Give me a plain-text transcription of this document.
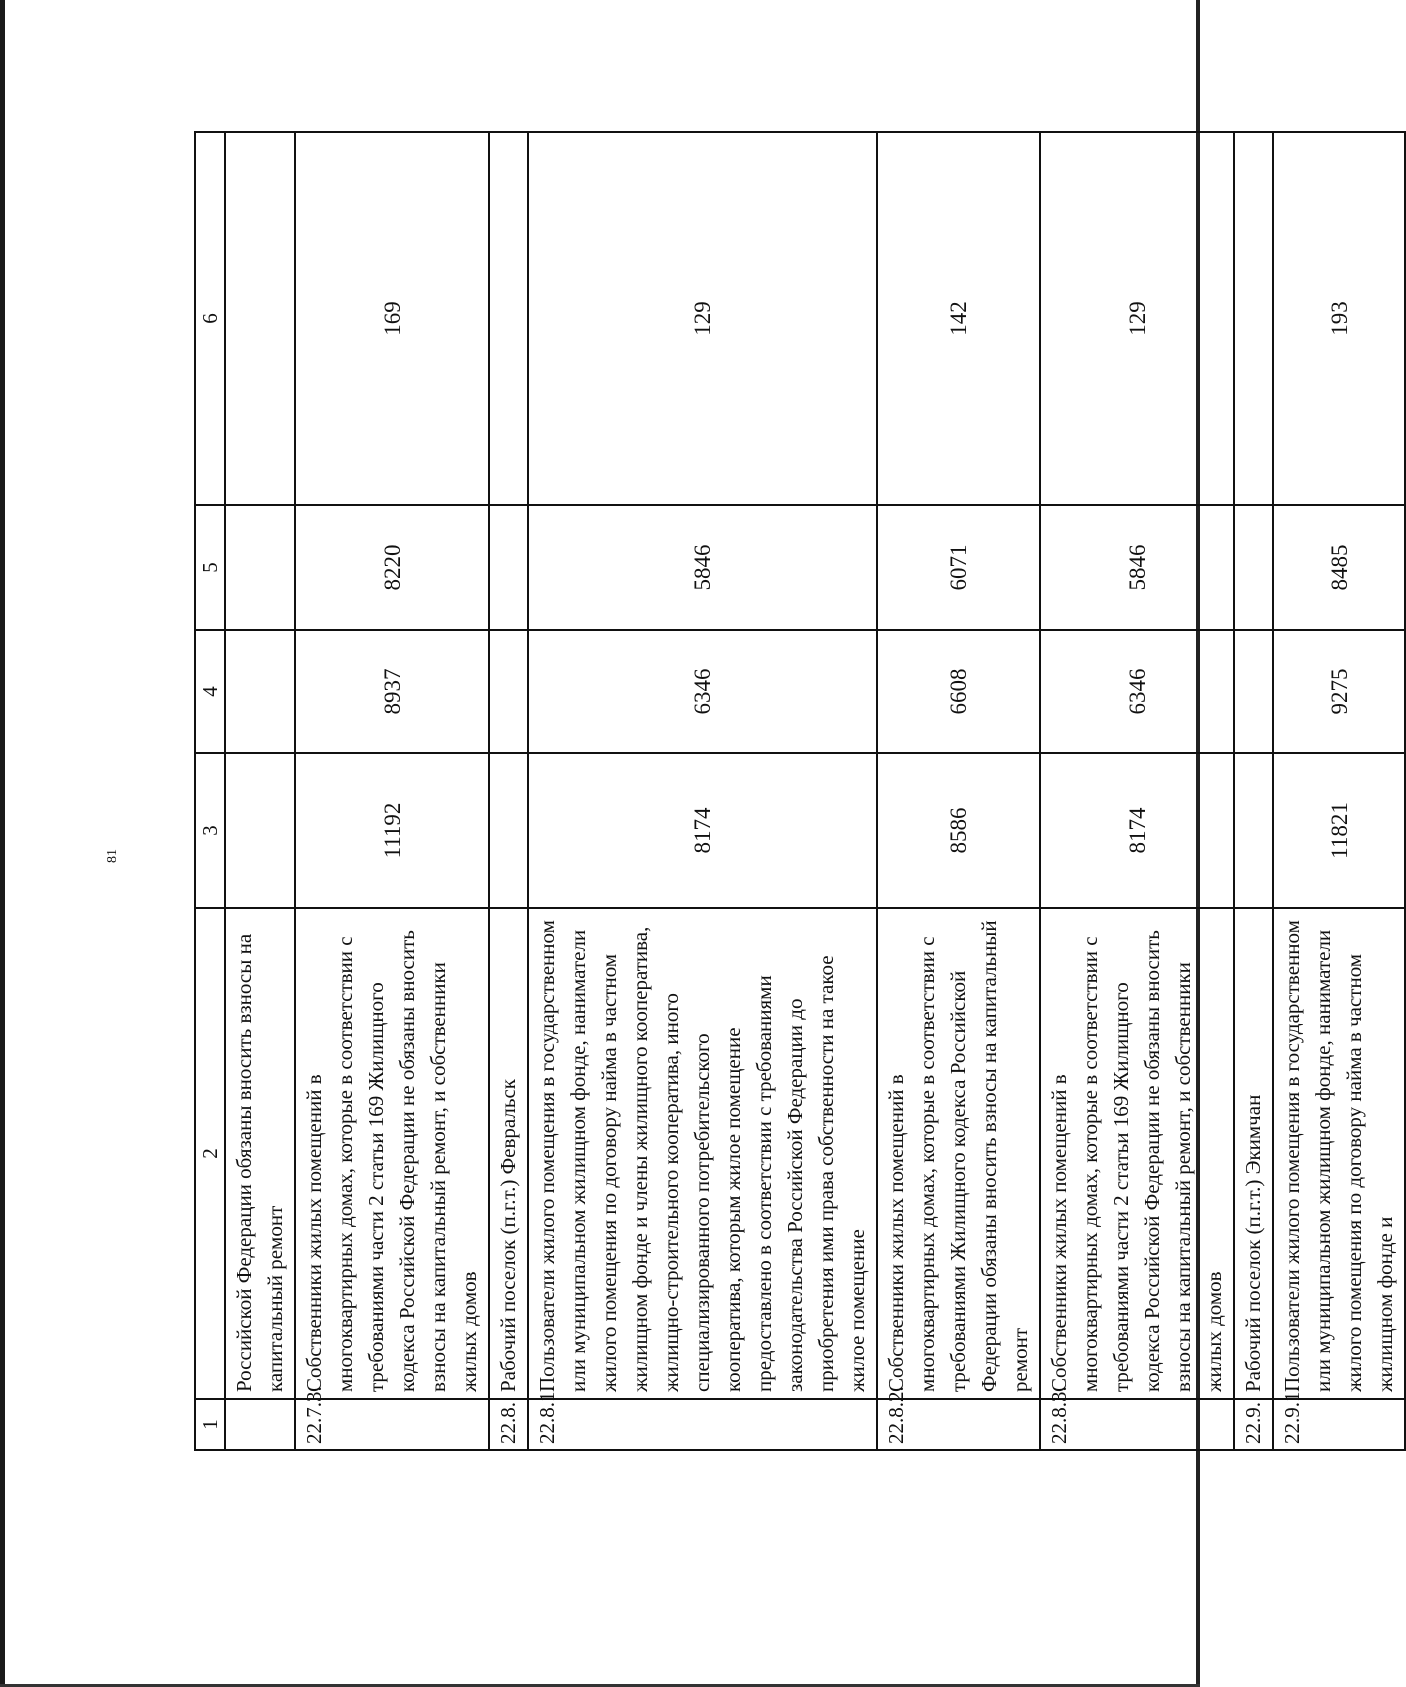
81
1	2	3	4	5	6
	Российской Федерации обязаны вносить взносы на капитальный ремонт				
22.7.3.	Собственники жилых помещений в многоквартирных домах, которые в соответствии с требованиями части 2 статьи 169 Жилищного кодекса Российской Федерации не обязаны вносить взносы на капитальный ремонт, и собственники жилых домов	11192	8937	8220	169
22.8.	Рабочий поселок (п.г.т.) Февральск				
22.8.1.	Пользователи жилого помещения в государственном или муниципальном жилищном фонде, наниматели жилого помещения по договору найма в частном жилищном фонде и члены жилищного кооператива, жилищно-строительного кооператива, иного специализированного потребительского кооператива, которым жилое помещение предоставлено в соответствии с требованиями законодательства Российской Федерации до приобретения ими права собственности на такое жилое помещение	8174	6346	5846	129
22.8.2.	Собственники жилых помещений в многоквартирных домах, которые в соответствии с требованиями Жилищного кодекса Российской Федерации обязаны вносить взносы на капитальный ремонт	8586	6608	6071	142
22.8.3.	Собственники жилых помещений в многоквартирных домах, которые в соответствии с требованиями части 2 статьи 169 Жилищного кодекса Российской Федерации не обязаны вносить взносы на капитальный ремонт, и собственники жилых домов	8174	6346	5846	129
22.9.	Рабочий поселок (п.г.т.) Экимчан				
22.9.1.	Пользователи жилого помещения в государственном или муниципальном жилищном фонде, наниматели жилого помещения по договору найма в частном жилищном фонде и	11821	9275	8485	193
